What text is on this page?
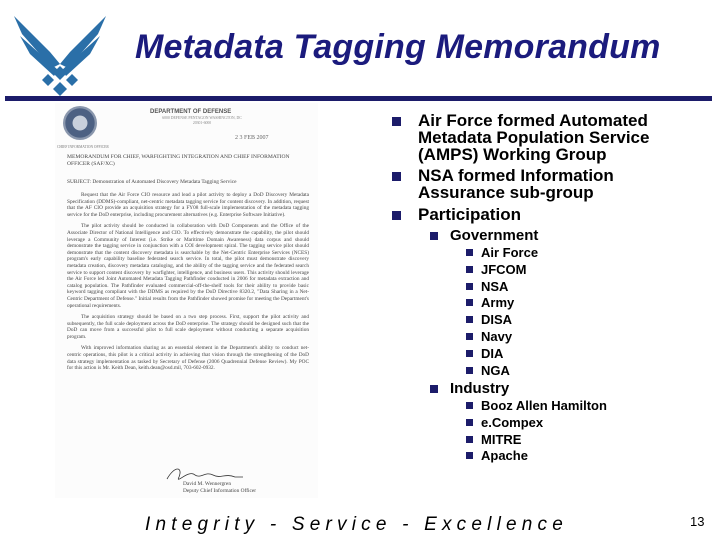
Metadata Tagging Memorandum
CHIEF INFORMATION OFFICER
DEPARTMENT OF DEFENSE
6000 DEFENSE PENTAGON WASHINGTON, DC 20301-6000
2 3 FEB 2007
MEMORANDUM FOR CHIEF, WARFIGHTING INTEGRATION AND CHIEF INFORMATION OFFICER (SAF/XC)
SUBJECT: Demonstration of Automated Discovery Metadata Tagging Service

Request that the Air Force CIO resource and lead a pilot activity to deploy a DoD Discovery Metadata Specification (DDMS)-compliant, net-centric metadata tagging service for content discovery. In addition, request that the AF CIO provide an acquisition strategy for a FY08 full-scale implementation of the metadata tagging service for the DoD enterprise, including procurement alternatives (e.g. Enterprise Software Initiative).

The pilot activity should be conducted in collaboration with DoD Components and the Office of the Associate Director of National Intelligence and CIO. To effectively demonstrate the capability, the pilot should leverage a Community of Interest (i.e. Strike or Maritime Domain Awareness) data corpus and should demonstrate the tagging service in conjunction with a COI development spiral. The tagging service pilot should demonstrate that the content discovery metadata is searchable by the Net-Centric Enterprise Services (NCES) program's early capability baseline federated search service. In total, the pilot must demonstrate discovery metadata creation, discovery metadata cataloging, and the ability of the tagging service and the federated search service to support content discovery by warfighter, intelligence, and business users. This activity should leverage the Air Force led Joint Automated Metadata Tagging Pathfinder conducted in 2006 for metadata extraction and catalog population. The Pathfinder evaluated commercial-off-the-shelf tools for their ability to provide basic keyword tagging compliant with the DDMS as required by the DoD Directive 8320.2, "Data Sharing in a Net-Centric Department of Defense." Initial results from the Pathfinder showed promise for meeting the Department's operational requirements.

The acquisition strategy should be based on a two step process. First, support the pilot activity and subsequently, the full scale deployment across the DoD enterprise. The strategy should be designed such that the DoD can move from a successful pilot to full scale deployment without conducting a separate acquisition program.

With improved information sharing as an essential element in the Department's ability to conduct net-centric operations, this pilot is a critical activity in achieving that vision through the strengthening of the DoD data strategy implementation as tasked by Secretary of Defense (2006 Quadrennial Defense Review). My POC for this action is Mr. Keith Dean, keith.dean@osd.mil, 703-602-0932.

David M. Wennergren
Deputy Chief Information Officer
Air Force formed Automated
Metadata Population Service
(AMPS) Working Group
NSA formed Information
Assurance sub-group
Participation
Government
Air Force
JFCOM
NSA
Army
DISA
Navy
DIA
NGA
Industry
Booz Allen Hamilton
e.Compex
MITRE
Apache
Integrity - Service - Excellence	13
